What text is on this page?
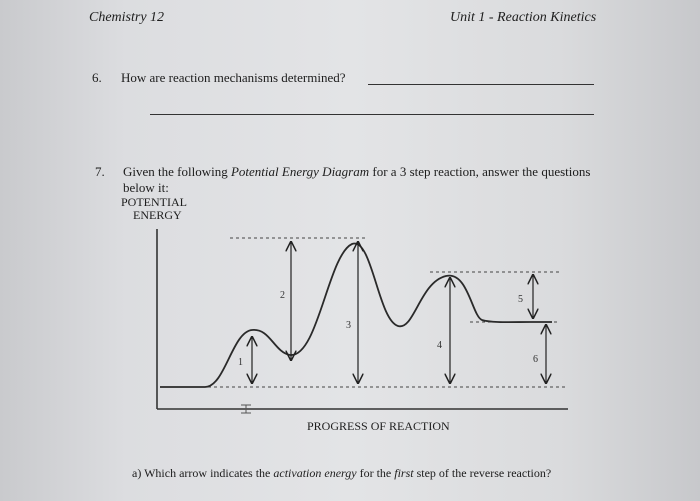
Chemistry 12	Unit 1 - Reaction Kinetics
6. How are reaction mechanisms determined?
7. Given the following Potential Energy Diagram for a 3 step reaction, answer the questions
below it:
POTENTIAL
ENERGY
PROGRESS OF REACTION
1
2
3
4
5
6
a) Which arrow indicates the activation energy for the first step of the reverse reaction?
